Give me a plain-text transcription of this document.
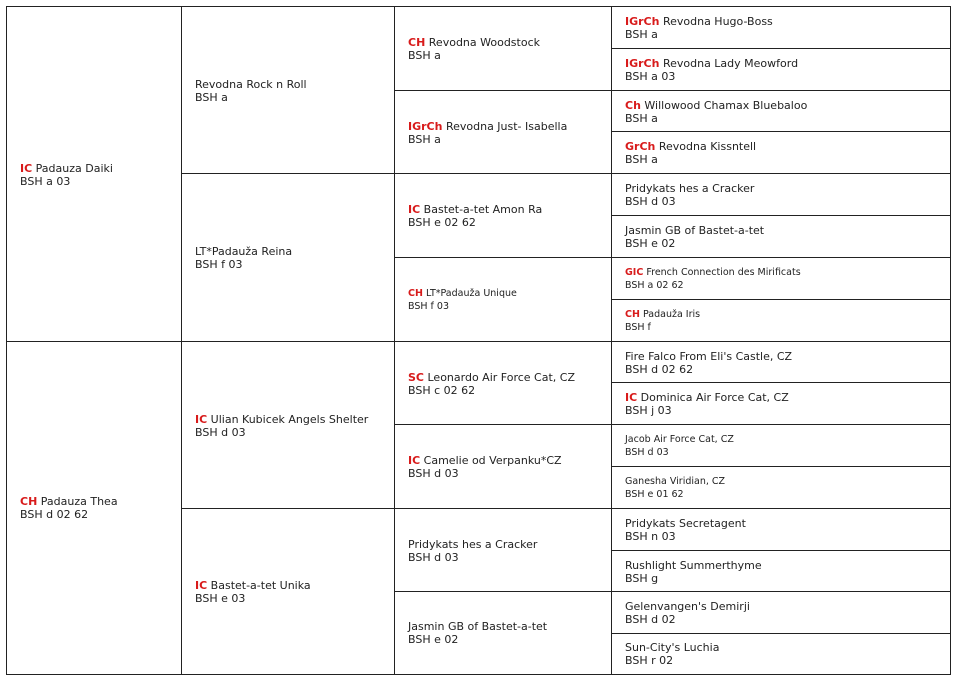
IC Padauza Daiki
BSH a 03
CH Padauza Thea
BSH d 02 62
Revodna Rock n Roll
BSH a
LT*Padauža Reina
BSH f 03
IC Ulian Kubicek Angels Shelter
BSH d 03
IC Bastet-a-tet Unika
BSH e 03
CH Revodna Woodstock
BSH a
IGrCh Revodna Just- Isabella
BSH a
IC Bastet-a-tet Amon Ra
BSH e 02 62
CH LT*Padauža Unique
BSH f 03
SC Leonardo Air Force Cat, CZ
BSH c 02 62
IC Camelie od Verpanku*CZ
BSH d 03
Pridykats hes a Cracker
BSH d 03
Jasmin GB of Bastet-a-tet
BSH e 02
IGrCh Revodna Hugo-Boss
BSH a
IGrCh Revodna Lady Meowford
BSH a 03
Ch Willowood Chamax Bluebaloo
BSH a
GrCh Revodna Kissntell
BSH a
Pridykats hes a Cracker
BSH d 03
Jasmin GB of Bastet-a-tet
BSH e 02
GIC French Connection des Mirificats
BSH a 02 62
CH Padauža Iris
BSH f
Fire Falco From Eli's Castle, CZ
BSH d 02 62
IC Dominica Air Force Cat, CZ
BSH j 03
Jacob Air Force Cat, CZ
BSH d 03
Ganesha Viridian, CZ
BSH e 01 62
Pridykats Secretagent
BSH n 03
Rushlight Summerthyme
BSH g
Gelenvangen's Demirji
BSH d 02
Sun-City's Luchia
BSH r 02
